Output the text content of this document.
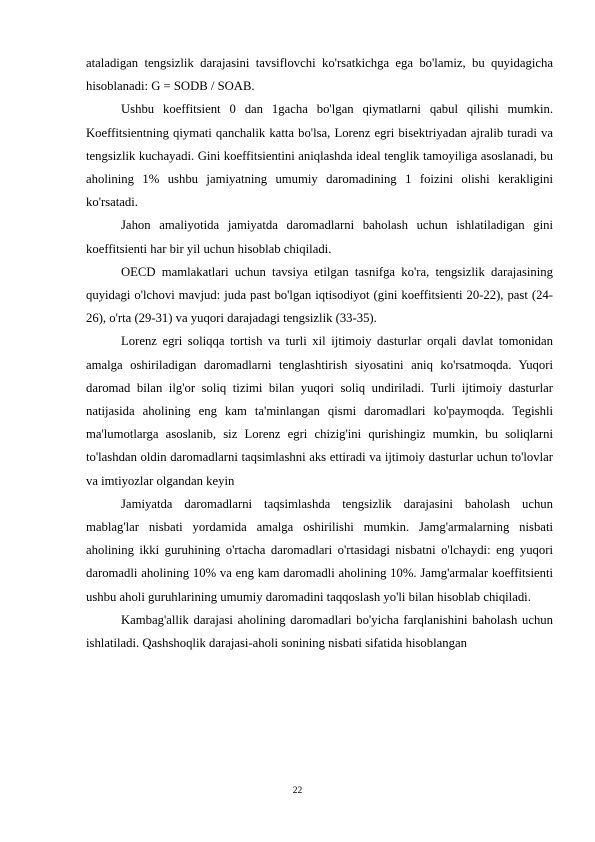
ataladigan tengsizlik darajasini tavsiflovchi ko'rsatkichga ega bo'lamiz, bu quyidagicha hisoblanadi: G = SODB / SOAB.

Ushbu koeffitsient 0 dan 1gacha bo'lgan qiymatlarni qabul qilishi mumkin. Koeffitsientning qiymati qanchalik katta bo'lsa, Lorenz egri bisektriyadan ajralib turadi va tengsizlik kuchayadi. Gini koeffitsientini aniqlashda ideal tenglik tamoyiliga asoslanadi, bu aholining 1% ushbu jamiyatning umumiy daromadining 1 foizini olishi kerakligini ko'rsatadi.

Jahon amaliyotida jamiyatda daromadlarni baholash uchun ishlatiladigan gini koeffitsienti har bir yil uchun hisoblab chiqiladi.

OECD mamlakatlari uchun tavsiya etilgan tasnifga ko'ra, tengsizlik darajasining quyidagi o'lchovi mavjud: juda past bo'lgan iqtisodiyot (gini koeffitsienti 20-22), past (24-26), o'rta (29-31) va yuqori darajadagi tengsizlik (33-35).

Lorenz egri soliqqa tortish va turli xil ijtimoiy dasturlar orqali davlat tomonidan amalga oshiriladigan daromadlarni tenglashtirish siyosatini aniq ko'rsatmoqda. Yuqori daromad bilan ilg'or soliq tizimi bilan yuqori soliq undiriladi. Turli ijtimoiy dasturlar natijasida aholining eng kam ta'minlangan qismi daromadlari ko'paymoqda. Tegishli ma'lumotlarga asoslanib, siz Lorenz egri chizig'ini qurishingiz mumkin, bu soliqlarni to'lashdan oldin daromadlarni taqsimlashni aks ettiradi va ijtimoiy dasturlar uchun to'lovlar va imtiyozlar olgandan keyin

Jamiyatda daromadlarni taqsimlashda tengsizlik darajasini baholash uchun mablag'lar nisbati yordamida amalga oshirilishi mumkin. Jamg'armalarning nisbati aholining ikki guruhining o'rtacha daromadlari o'rtasidagi nisbatni o'lchaydi: eng yuqori daromadli aholining 10% va eng kam daromadli aholining 10%. Jamg'armalar koeffitsienti ushbu aholi guruhlarining umumiy daromadini taqqoslash yo'li bilan hisoblab chiqiladi.

Kambag'allik darajasi aholining daromadlari bo'yicha farqlanishini baholash uchun ishlatiladi. Qashshoqlik darajasi-aholi sonining nisbati sifatida hisoblangan

22
